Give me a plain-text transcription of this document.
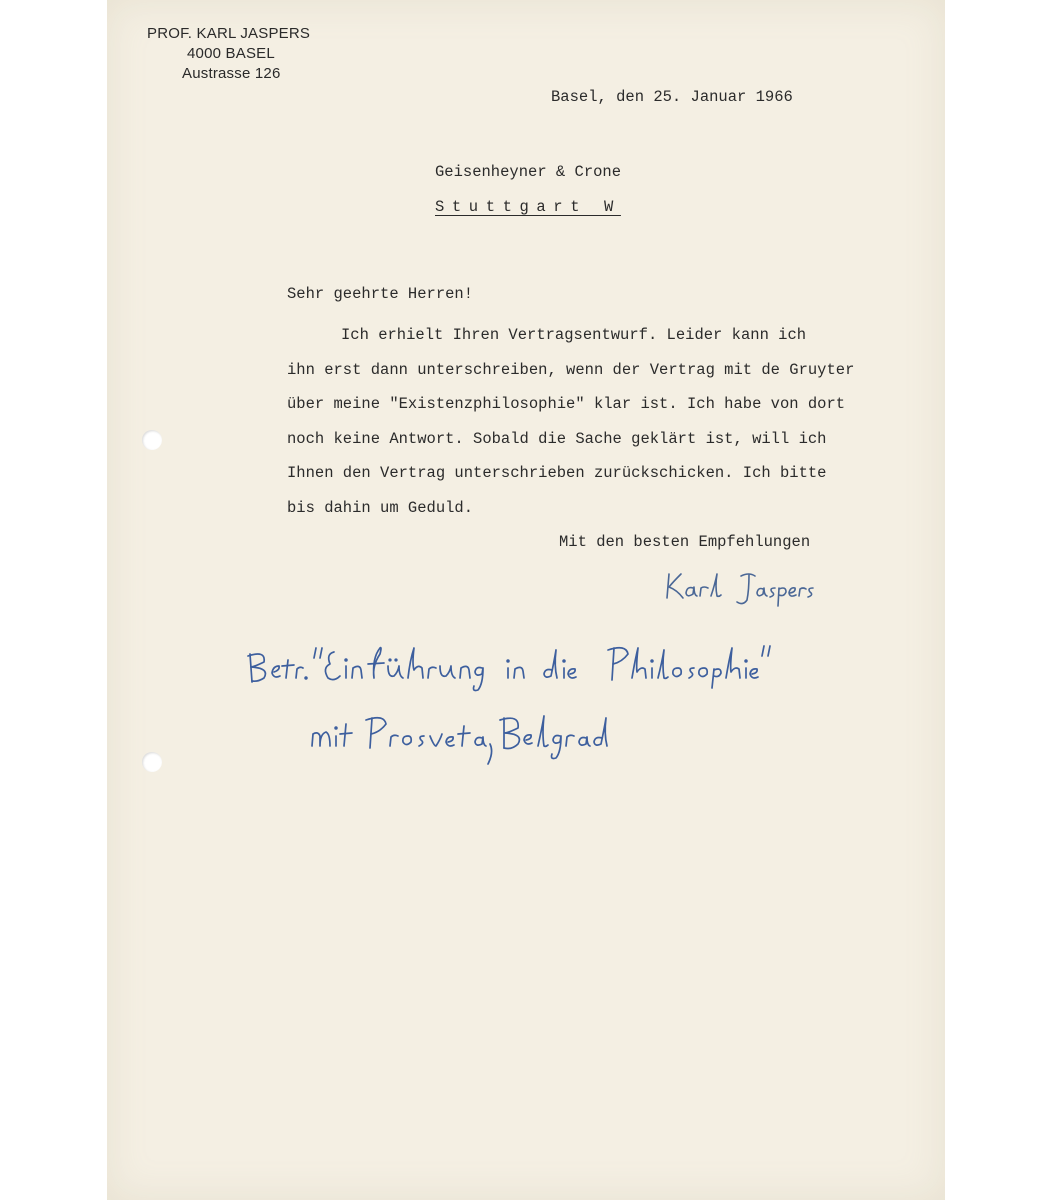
PROF. KARL JASPERS
4000 BASEL
Austrasse 126
Basel, den 25. Januar 1966
Geisenheyner & Crone
Stuttgart W
Sehr geehrte Herren!
Ich erhielt Ihren Vertragsentwurf. Leider kann ich
ihn erst dann unterschreiben, wenn der Vertrag mit de Gruyter
über meine "Existenzphilosophie" klar ist. Ich habe von dort
noch keine Antwort. Sobald die Sache geklärt ist, will ich
Ihnen den Vertrag unterschrieben zurückschicken. Ich bitte
bis dahin um Geduld.
Mit den besten Empfehlungen
